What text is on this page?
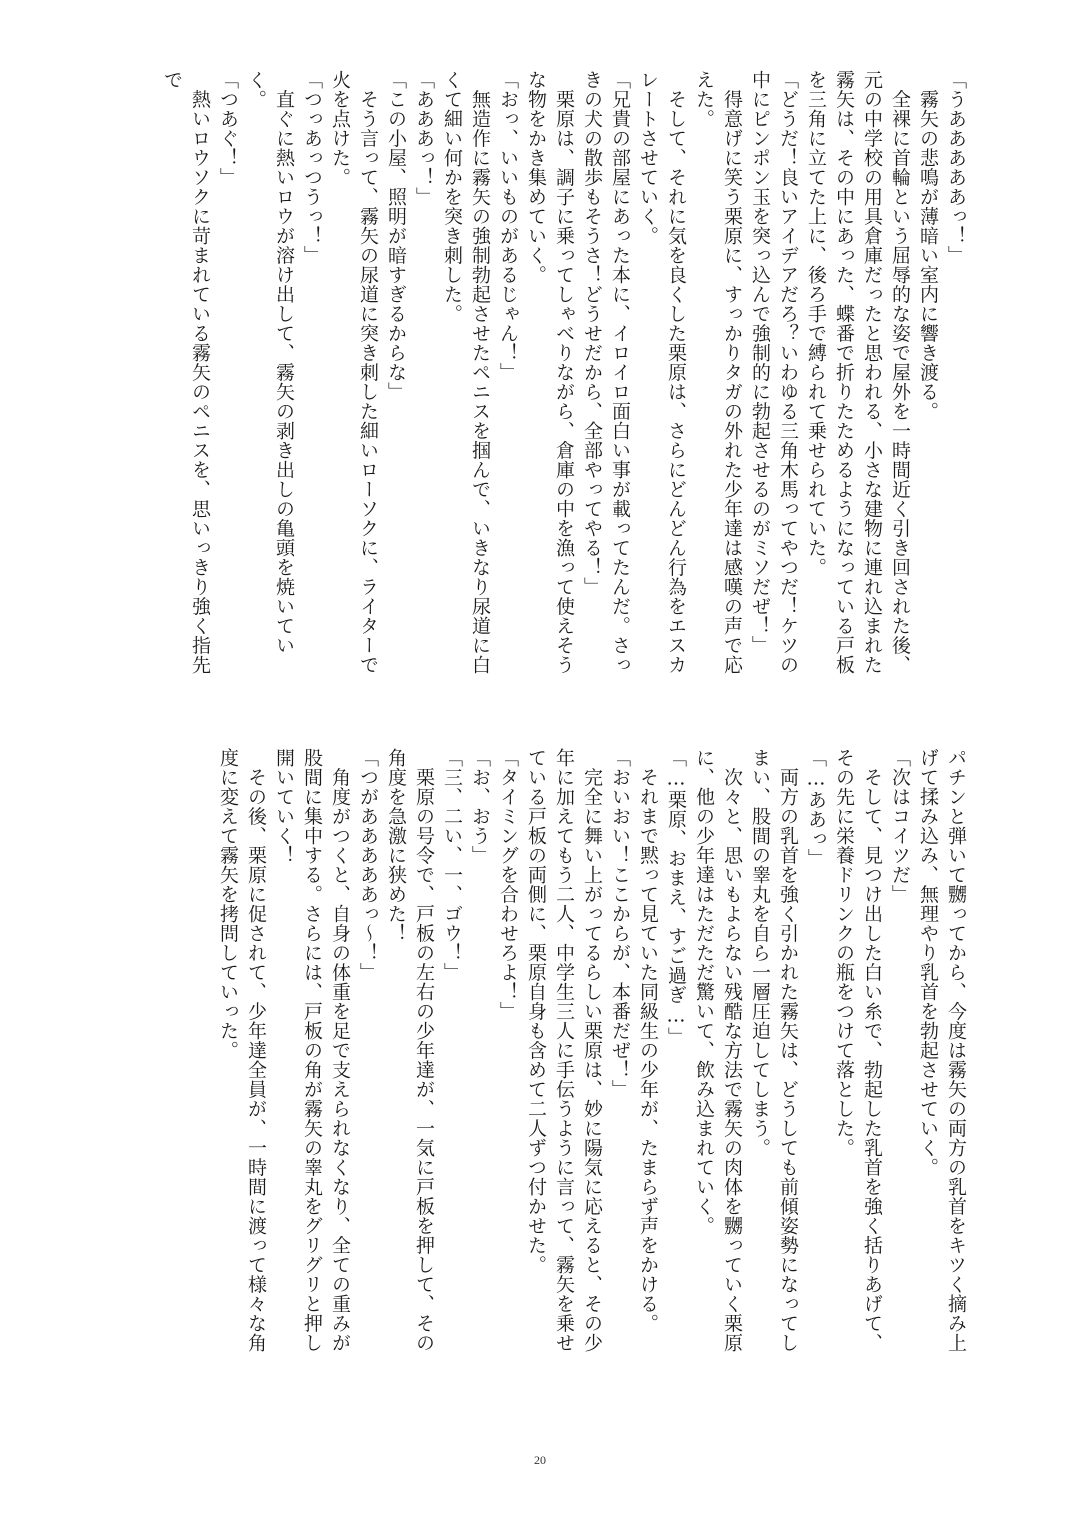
「うあああああっ！」

　霧矢の悲鳴が薄暗い室内に響き渡る。

　全裸に首輪という屈辱的な姿で屋外を一時間近く引き回された後、元の中学校の用具倉庫だったと思われる、小さな建物に連れ込まれた霧矢は、その中にあった、蝶番で折りたためるようになっている戸板を三角に立てた上に、後ろ手で縛られて乗せられていた。

「どうだ！良いアイデアだろ？いわゆる三角木馬ってやつだ！ケツの中にピンポン玉を突っ込んで強制的に勃起させるのがミソだぜ！」

　得意げに笑う栗原に、すっかりタガの外れた少年達は感嘆の声で応えた。

　そして、それに気を良くした栗原は、さらにどんどん行為をエスカレートさせていく。

「兄貴の部屋にあった本に、イロイロ面白い事が載ってたんだ。さっきの犬の散歩もそうさ！どうせだから、全部やってやる！」

　栗原は、調子に乗ってしゃべりながら、倉庫の中を漁って使えそうな物をかき集めていく。

「おっ、いいものがあるじゃん！」

　無造作に霧矢の強制勃起させたペニスを掴んで、いきなり尿道に白くて細い何かを突き刺した。

「あああっ！」

「この小屋、照明が暗すぎるからな」

　そう言って、霧矢の尿道に突き刺した細いローソクに、ライターで火を点けた。

「つっあっつうっ！」

　直ぐに熱いロウが溶け出して、霧矢の剥き出しの亀頭を焼いていく。

「つあぐ！」

　熱いロウソクに苛まれている霧矢のペニスを、思いっきり強く指先で

パチンと弾いて嬲ってから、今度は霧矢の両方の乳首をキツく摘み上げて揉み込み、無理やり乳首を勃起させていく。

「次はコイツだ」

　そして、見つけ出した白い糸で、勃起した乳首を強く括りあげて、その先に栄養ドリンクの瓶をつけて落とした。

「…ああっ」

　両方の乳首を強く引かれた霧矢は、どうしても前傾姿勢になってしまい、股間の睾丸を自ら一層圧迫してしまう。

　次々と、思いもよらない残酷な方法で霧矢の肉体を嬲っていく栗原に、他の少年達はただただ驚いて、飲み込まれていく。

「…栗原、おまえ、すご過ぎ…」

　それまで黙って見ていた同級生の少年が、たまらず声をかける。

「おいおい！ここからが、本番だぜ！」

　完全に舞い上がってるらしい栗原は、妙に陽気に応えると、その少年に加えてもう二人、中学生三人に手伝うように言って、霧矢を乗せている戸板の両側に、栗原自身も含めて二人ずつ付かせた。

「タイミングを合わせろよ！」

「お、おう」

「三、二い、一、ゴウ！」

　栗原の号令で、戸板の左右の少年達が、一気に戸板を押して、その角度を急激に狭めた！

「つがあああああっ～！」

　角度がつくと、自身の体重を足で支えられなくなり、全ての重みが股間に集中する。さらには、戸板の角が霧矢の睾丸をグリグリと押し開いていく！

　その後、栗原に促されて、少年達全員が、一時間に渡って様々な角度に変えて霧矢を拷問していった。

20
